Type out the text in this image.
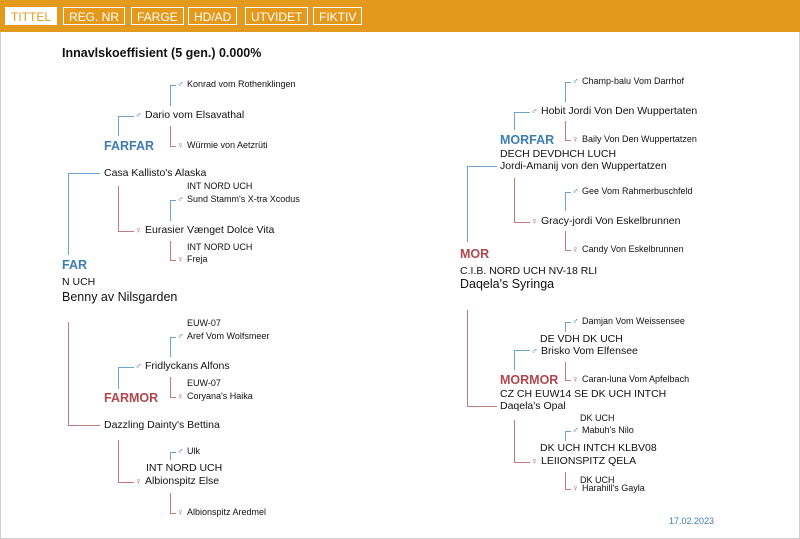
TITTEL	REG. NR	FARGE	HD/AD	UTVIDET	FIKTIV
Innavlskoeffisient (5 gen.) 0.000%
FAR
N UCH
Benny av Nilsgarden
FARFAR
Casa Kallisto's Alaska
♂ Dario vom Elsavathal
♀ Eurasier Vænget Dolce Vita
♂ Konrad vom Rothenklingen
♀ Würmie von Aetzrüti
INT NORD UCH
♂ Sund Stamm's X-tra Xcodus
INT NORD UCH
♀ Freja
FARMOR
Dazzling Dainty's Bettina
♂ Fridlyckans Alfons
INT NORD UCH
♀ Albionspitz Else
EUW-07
♂ Aref Vom Wolfsmeer
EUW-07
♀ Coryana's Haika
♂ Ulk
♀ Albionspitz Aredmel
MOR
C.I.B. NORD UCH NV-18 RLI
Daqela's Syringa
MORFAR
DECH DEVDHCH LUCH
Jordi-Amanij von den Wuppertatzen
♂ Hobit Jordi Von Den Wuppertaten
♀ Gracy-jordi Von Eskelbrunnen
♂ Champ-balu Vom Darrhof
♀ Baily Von Den Wuppertatzen
♂ Gee Vom Rahmerbuschfeld
♀ Candy Von Eskelbrunnen
MORMOR
CZ CH EUW14 SE DK UCH INTCH
Daqela's Opal
DE VDH DK UCH
♂ Brisko Vom Elfensee
DK UCH INTCH KLBV08
♀ LEIIONSPITZ QELA
♂ Damjan Vom Weissensee
♀ Caran-luna Vom Apfelbach
DK UCH
♂ Mabuh's Nilo
DK UCH
♀ Harahill's Gayla
17.02.2023
